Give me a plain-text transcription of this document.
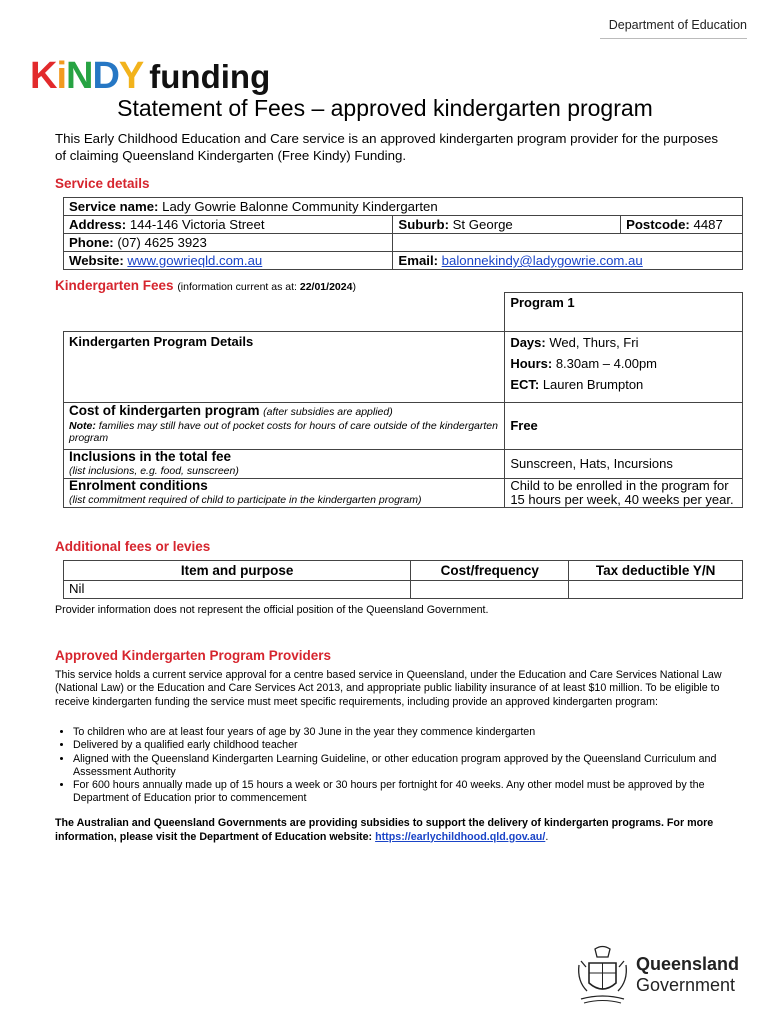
Department of Education
KiNDY funding
Statement of Fees – approved kindergarten program
This Early Childhood Education and Care service is an approved kindergarten program provider for the purposes of claiming Queensland Kindergarten (Free Kindy) Funding.
Service details
Service name: Lady Gowrie Balonne Community Kindergarten		
Address: 144-146 Victoria Street	Suburb: St George	Postcode: 4487
Phone: (07) 4625 3923		
Website: www.gowrieqld.com.au	Email: balonnekindy@ladygowrie.com.au	
Kindergarten Fees (information current as at: 22/01/2024)
	Program 1
Kindergarten Program Details	Days: Wed, Thurs, Fri
Hours: 8.30am – 4.00pm
ECT: Lauren Brumpton

Cost of kindergarten program (after subsidies are applied)
Note: families may still have out of pocket costs for hours of care outside of the kindergarten program	Free

Inclusions in the total fee
(list inclusions, e.g. food, sunscreen)	Sunscreen, Hats, Incursions

Enrolment conditions
(list commitment required of child to participate in the kindergarten program)	Child to be enrolled in the program for 15 hours per week, 40 weeks per year.
Additional fees or levies
Item and purpose	Cost/frequency	Tax deductible Y/N
Nil		
Provider information does not represent the official position of the Queensland Government.
Approved Kindergarten Program Providers
This service holds a current service approval for a centre based service in Queensland, under the Education and Care Services National Law (National Law) or the Education and Care Services Act 2013, and appropriate public liability insurance of at least $10 million. To be eligible to receive kindergarten funding the service must meet specific requirements, including provide an approved kindergarten program:
• To children who are at least four years of age by 30 June in the year they commence kindergarten
• Delivered by a qualified early childhood teacher
• Aligned with the Queensland Kindergarten Learning Guideline, or other education program approved by the Queensland Curriculum and Assessment Authority
• For 600 hours annually made up of 15 hours a week or 30 hours per fortnight for 40 weeks. Any other model must be approved by the Department of Education prior to commencement
The Australian and Queensland Governments are providing subsidies to support the delivery of kindergarten programs. For more information, please visit the Department of Education website: https://earlychildhood.qld.gov.au/.
Queensland
Government
